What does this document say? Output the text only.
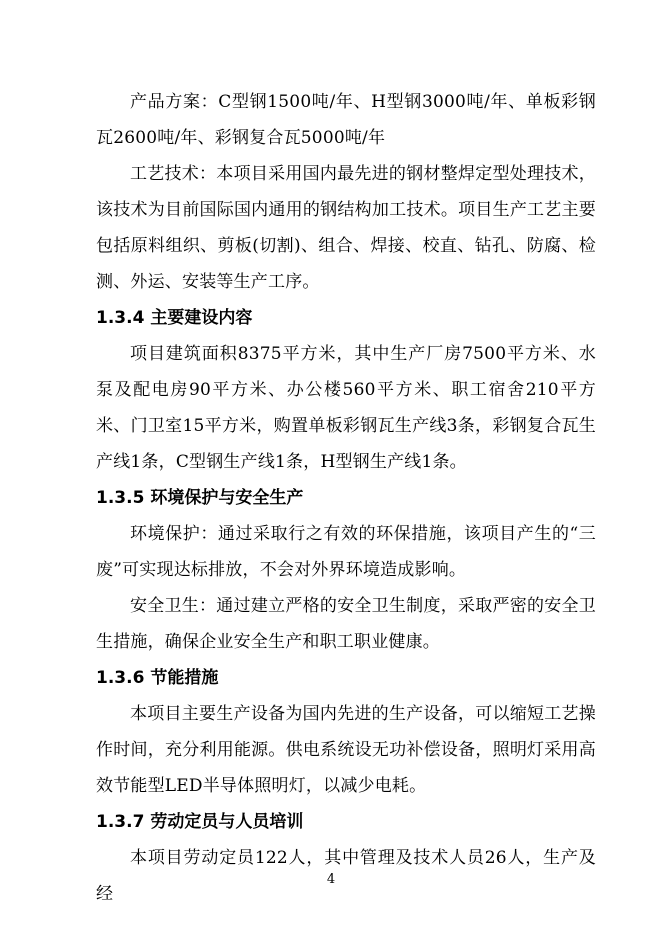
产品方案：C型钢1500吨/年、H型钢3000吨/年、单板彩钢瓦2600吨/年、彩钢复合瓦5000吨/年

工艺技术：本项目采用国内最先进的钢材整焊定型处理技术，该技术为目前国际国内通用的钢结构加工技术。项目生产工艺主要包括原料组织、剪板(切割)、组合、焊接、校直、钻孔、防腐、检测、外运、安装等生产工序。

1.3.4 主要建设内容

项目建筑面积8375平方米，其中生产厂房7500平方米、水泵及配电房90平方米、办公楼560平方米、职工宿舍210平方米、门卫室15平方米，购置单板彩钢瓦生产线3条，彩钢复合瓦生产线1条，C型钢生产线1条，H型钢生产线1条。

1.3.5 环境保护与安全生产

环境保护：通过采取行之有效的环保措施，该项目产生的“三废”可实现达标排放，不会对外界环境造成影响。

安全卫生：通过建立严格的安全卫生制度，采取严密的安全卫生措施，确保企业安全生产和职工职业健康。

1.3.6 节能措施

本项目主要生产设备为国内先进的生产设备，可以缩短工艺操作时间，充分利用能源。供电系统设无功补偿设备，照明灯采用高效节能型LED半导体照明灯，以减少电耗。

1.3.7 劳动定员与人员培训

本项目劳动定员122人，其中管理及技术人员26人，生产及经

4
